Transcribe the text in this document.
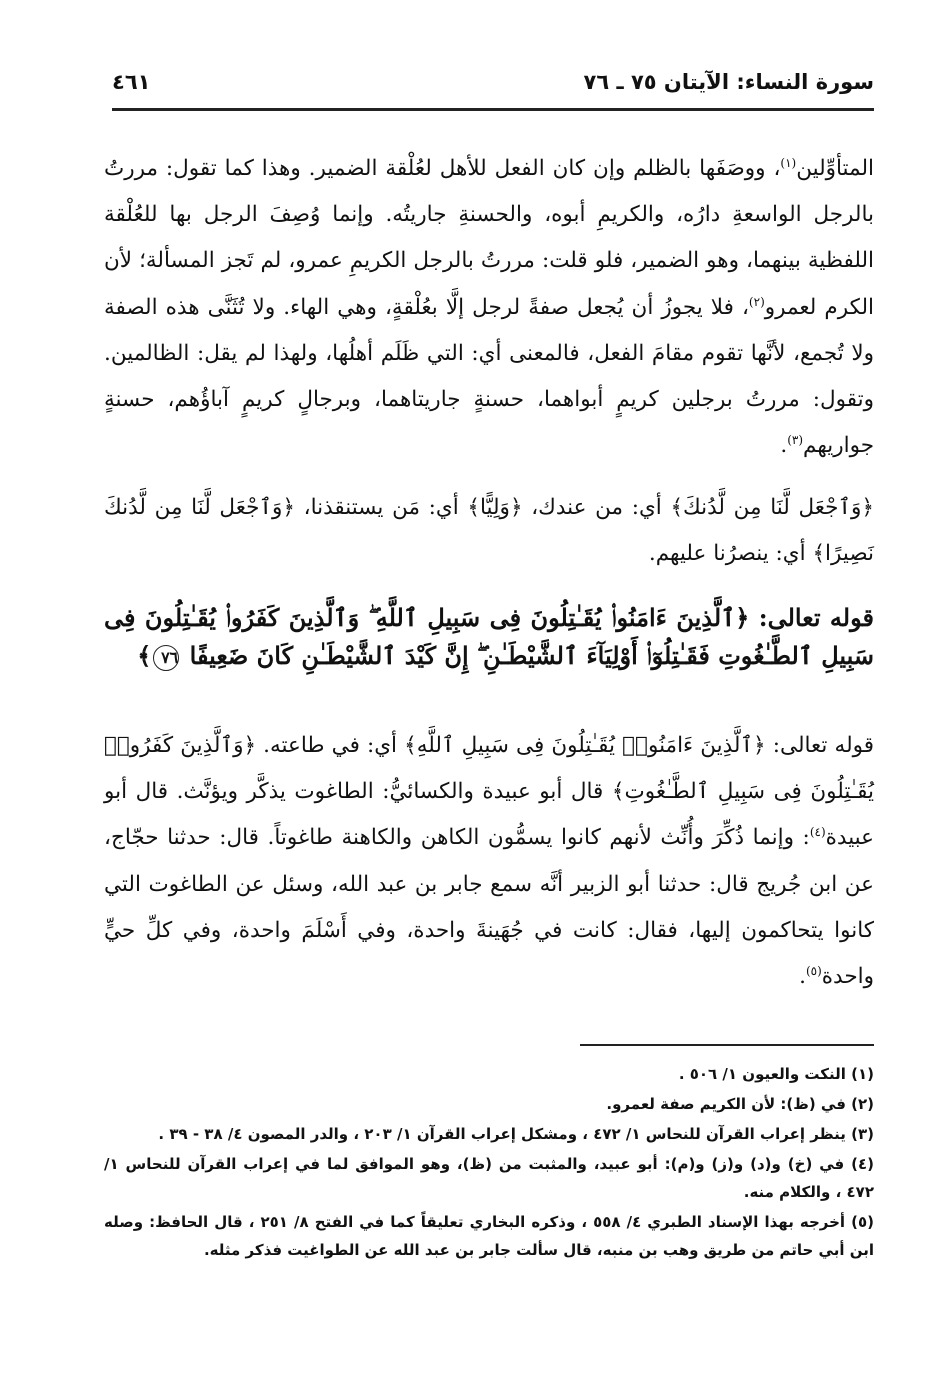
سورة النساء: الآيتان ٧٥ ـ ٧٦
٤٦١

المتأوِّلين$^{(١)}$، ووصَفَها بالظلم وإن كان الفعل للأهل لعُلْقة الضمير. وهذا كما تقول: مررتُ بالرجل الواسعةِ دارُه، والكريمِ أبوه، والحسنةِ جاريتُه. وإنما وُصِفَ الرجل بها للعُلْقة اللفظية بينهما، وهو الضمير، فلو قلت: مررتُ بالرجل الكريمِ عمرو، لم تَجز المسألة؛ لأن الكرم لعمرو$^{(٢)}$، فلا يجوزُ أن يُجعل صفةً لرجل إلَّا بعُلْقةٍ، وهي الهاء. ولا تُثَنَّى هذه الصفة ولا تُجمع، لأنَّها تقوم مقامَ الفعل، فالمعنى أي: التي ظَلَم أهلُها، ولهذا لم يقل: الظالمين. وتقول: مررتُ برجلين كريمٍ أبواهما، حسنةٍ جاريتاهما، وبرجالٍ كريمٍ آباؤُهم، حسنةٍ جواريهم$^{(٣)}$.

﴿وَٱجْعَل لَّنَا مِن لَّدُنكَ﴾ أي: من عندك، ﴿وَلِيًّا﴾ أي: مَن يستنقذنا، ﴿وَٱجْعَل لَّنَا مِن لَّدُنكَ نَصِيرًا﴾ أي: ينصرُنا عليهم.

قوله تعالى: ﴿ٱلَّذِينَ ءَامَنُوا۟ يُقَـٰتِلُونَ فِى سَبِيلِ ٱللَّهِ ۖ وَٱلَّذِينَ كَفَرُوا۟ يُقَـٰتِلُونَ فِى سَبِيلِ ٱلطَّـٰغُوتِ فَقَـٰتِلُوٓا۟ أَوْلِيَآءَ ٱلشَّيْطَـٰنِ ۖ إِنَّ كَيْدَ ٱلشَّيْطَـٰنِ كَانَ ضَعِيفًا ٧٦﴾

قوله تعالى: ﴿ٱلَّذِينَ ءَامَنُوا۟ يُقَـٰتِلُونَ فِى سَبِيلِ ٱللَّهِ﴾ أي: في طاعته. ﴿وَٱلَّذِينَ كَفَرُوا۟ يُقَـٰتِلُونَ فِى سَبِيلِ ٱلطَّـٰغُوتِ﴾ قال أبو عبيدة والكسائيُّ: الطاغوت يذكَّر ويؤنَّث. قال أبو عبيدة$^{(٤)}$: وإنما ذُكِّرَ وأُنِّث لأنهم كانوا يسمُّون الكاهن والكاهنة طاغوتاً. قال: حدثنا حجّاج، عن ابن جُريج قال: حدثنا أبو الزبير أنَّه سمع جابر بن عبد الله، وسئل عن الطاغوت التي كانوا يتحاكمون إليها، فقال: كانت في جُهَينةَ واحدة، وفي أَسْلَمَ واحدة، وفي كلِّ حيٍّ واحدة$^{(٥)}$.

(١) النكت والعيون ١/ ٥٠٦ .

(٢) في (ظ): لأن الكريم صفة لعمرو.

(٣) ينظر إعراب القرآن للنحاس ١/ ٤٧٢ ، ومشكل إعراب القرآن ١/ ٢٠٣ ، والدر المصون ٤/ ٣٨ - ٣٩ .

(٤) في (خ) و(د) و(ز) و(م): أبو عبيد، والمثبت من (ظ)، وهو الموافق لما في إعراب القرآن للنحاس ١/ ٤٧٢ ، والكلام منه.

(٥) أخرجه بهذا الإسناد الطبري ٤/ ٥٥٨ ، وذكره البخاري تعليقاً كما في الفتح ٨/ ٢٥١ ، قال الحافظ: وصله ابن أبي حاتم من طريق وهب بن منبه، قال سألت جابر بن عبد الله عن الطواغيت فذكر مثله.
